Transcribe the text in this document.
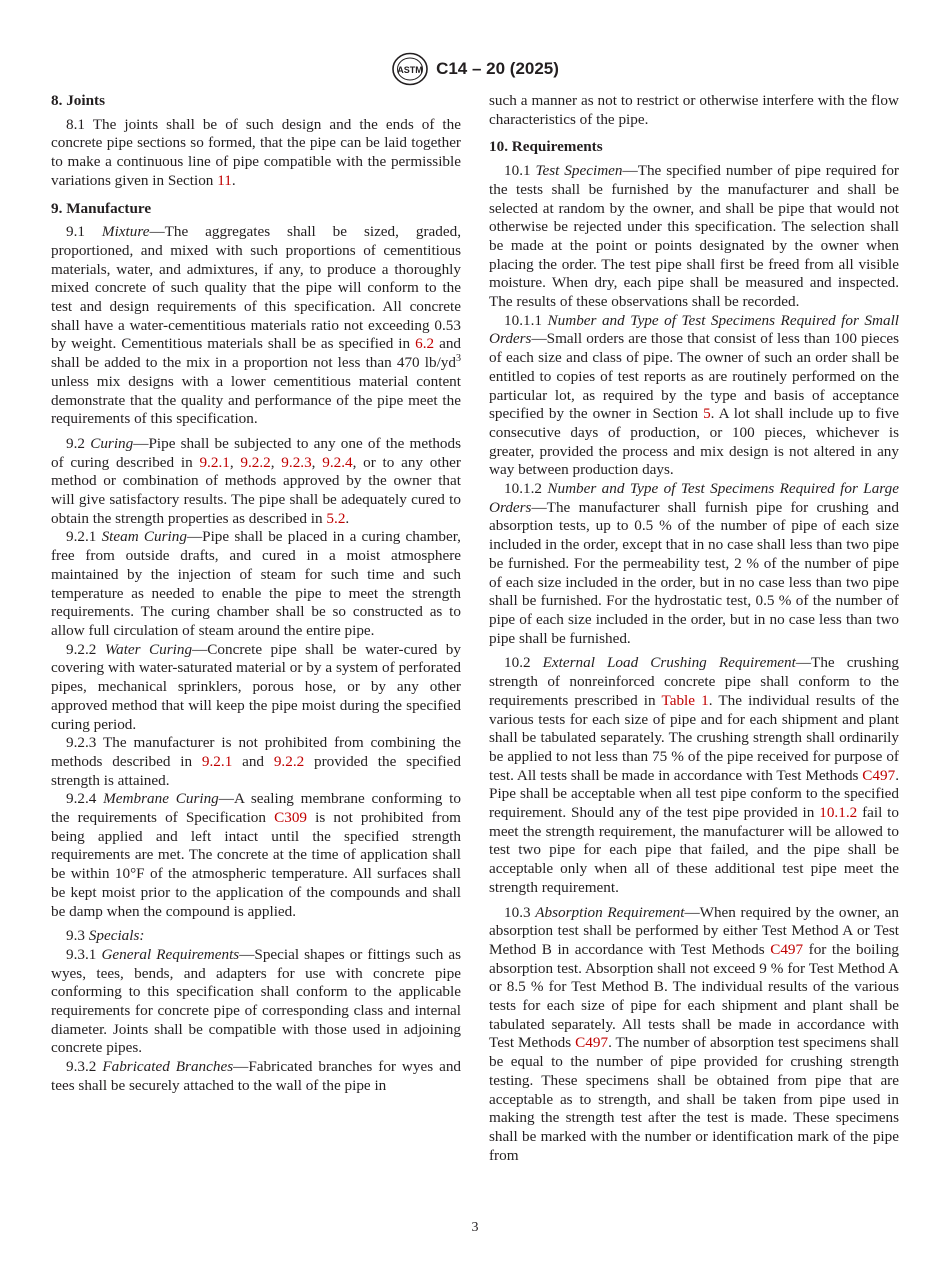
ASTM C14 – 20 (2025)
8. Joints

8.1 The joints shall be of such design and the ends of the concrete pipe sections so formed, that the pipe can be laid together to make a continuous line of pipe compatible with the permissible variations given in Section 11.

9. Manufacture

9.1 Mixture—The aggregates shall be sized, graded, proportioned, and mixed with such proportions of cementitious materials, water, and admixtures, if any, to produce a thoroughly mixed concrete of such quality that the pipe will conform to the test and design requirements of this specification. All concrete shall have a water-cementitious materials ratio not exceeding 0.53 by weight. Cementitious materials shall be as specified in 6.2 and shall be added to the mix in a proportion not less than 470 $lb/yd^3$ unless mix designs with a lower cementitious material content demonstrate that the quality and performance of the pipe meet the requirements of this specification.

9.2 Curing—Pipe shall be subjected to any one of the methods of curing described in 9.2.1, 9.2.2, 9.2.3, 9.2.4, or to any other method or combination of methods approved by the owner that will give satisfactory results. The pipe shall be adequately cured to obtain the strength properties as described in 5.2.

9.2.1 Steam Curing—Pipe shall be placed in a curing chamber, free from outside drafts, and cured in a moist atmosphere maintained by the injection of steam for such time and such temperature as needed to enable the pipe to meet the strength requirements. The curing chamber shall be so constructed as to allow full circulation of steam around the entire pipe.

9.2.2 Water Curing—Concrete pipe shall be water-cured by covering with water-saturated material or by a system of perforated pipes, mechanical sprinklers, porous hose, or by any other approved method that will keep the pipe moist during the specified curing period.

9.2.3 The manufacturer is not prohibited from combining the methods described in 9.2.1 and 9.2.2 provided the specified strength is attained.

9.2.4 Membrane Curing—A sealing membrane conforming to the requirements of Specification C309 is not prohibited from being applied and left intact until the specified strength requirements are met. The concrete at the time of application shall be within 10°F of the atmospheric temperature. All surfaces shall be kept moist prior to the application of the compounds and shall be damp when the compound is applied.

9.3 Specials:

9.3.1 General Requirements—Special shapes or fittings such as wyes, tees, bends, and adapters for use with concrete pipe conforming to this specification shall conform to the applicable requirements for concrete pipe of corresponding class and internal diameter. Joints shall be compatible with those used in adjoining concrete pipes.

9.3.2 Fabricated Branches—Fabricated branches for wyes and tees shall be securely attached to the wall of the pipe in

such a manner as not to restrict or otherwise interfere with the flow characteristics of the pipe.

10. Requirements

10.1 Test Specimen—The specified number of pipe required for the tests shall be furnished by the manufacturer and shall be selected at random by the owner, and shall be pipe that would not otherwise be rejected under this specification. The selection shall be made at the point or points designated by the owner when placing the order. The test pipe shall first be freed from all visible moisture. When dry, each pipe shall be measured and inspected. The results of these observations shall be recorded.

10.1.1 Number and Type of Test Specimens Required for Small Orders—Small orders are those that consist of less than 100 pieces of each size and class of pipe. The owner of such an order shall be entitled to copies of test reports as are routinely performed on the particular lot, as required by the type and basis of acceptance specified by the owner in Section 5. A lot shall include up to five consecutive days of production, or 100 pieces, whichever is greater, provided the process and mix design is not altered in any way between production days.

10.1.2 Number and Type of Test Specimens Required for Large Orders—The manufacturer shall furnish pipe for crushing and absorption tests, up to 0.5 % of the number of pipe of each size included in the order, except that in no case shall less than two pipe be furnished. For the permeability test, 2 % of the number of pipe of each size included in the order, but in no case less than two pipe shall be furnished. For the hydrostatic test, 0.5 % of the number of pipe of each size included in the order, but in no case less than two pipe shall be furnished.

10.2 External Load Crushing Requirement—The crushing strength of nonreinforced concrete pipe shall conform to the requirements prescribed in Table 1. The individual results of the various tests for each size of pipe and for each shipment and plant shall be tabulated separately. The crushing strength shall ordinarily be applied to not less than 75 % of the pipe received for purpose of test. All tests shall be made in accordance with Test Methods C497. Pipe shall be acceptable when all test pipe conform to the specified requirement. Should any of the test pipe provided in 10.1.2 fail to meet the strength requirement, the manufacturer will be allowed to test two pipe for each pipe that failed, and the pipe shall be acceptable only when all of these additional test pipe meet the strength requirement.

10.3 Absorption Requirement—When required by the owner, an absorption test shall be performed by either Test Method A or Test Method B in accordance with Test Methods C497 for the boiling absorption test. Absorption shall not exceed 9 % for Test Method A or 8.5 % for Test Method B. The individual results of the various tests for each size of pipe for each shipment and plant shall be tabulated separately. All tests shall be made in accordance with Test Methods C497. The number of absorption test specimens shall be equal to the number of pipe provided for crushing strength testing. These specimens shall be obtained from pipe that are acceptable as to strength, and shall be taken from pipe used in making the strength test after the test is made. These specimens shall be marked with the number or identification mark of the pipe from

3
